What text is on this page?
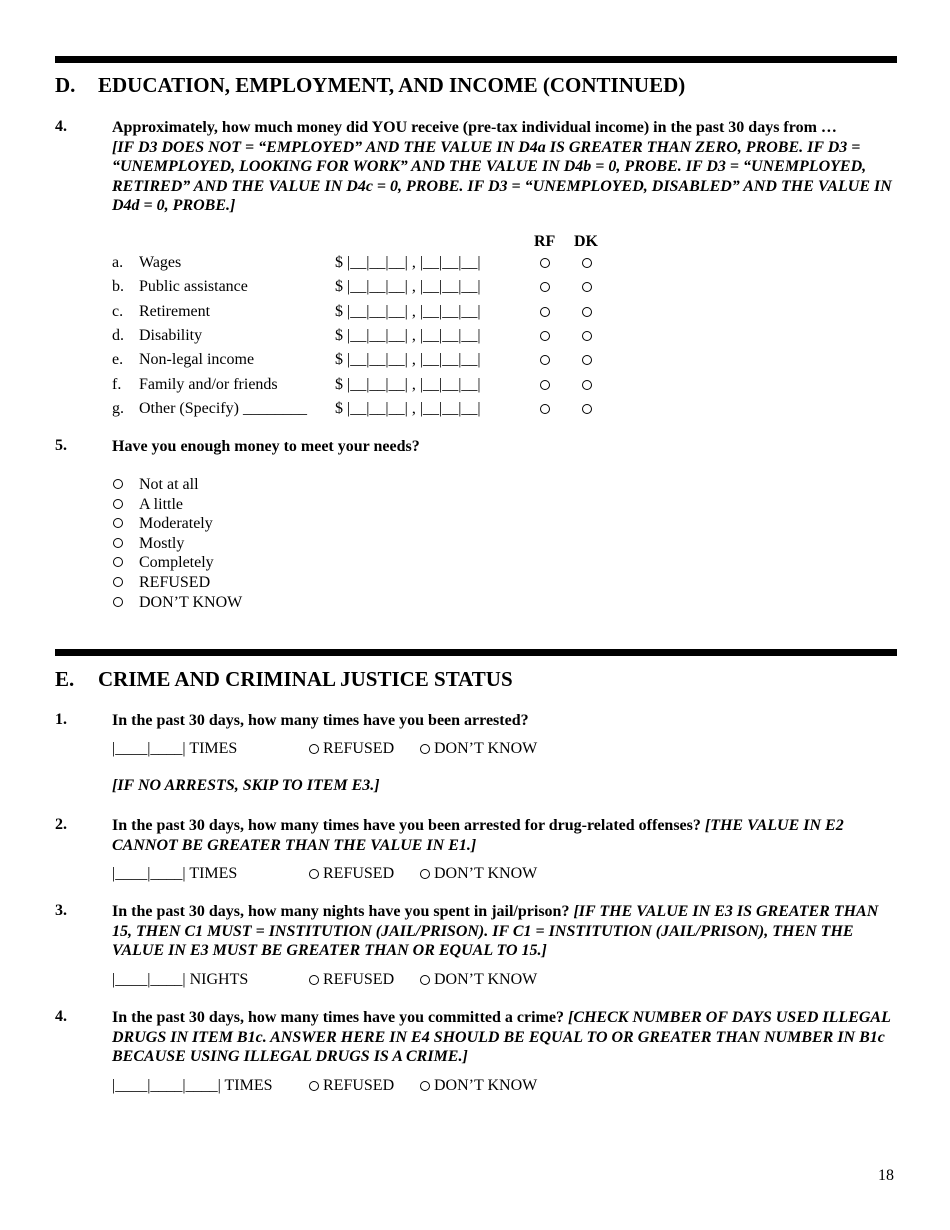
D. EDUCATION, EMPLOYMENT, AND INCOME (CONTINUED)
4.	Approximately, how much money did YOU receive (pre-tax individual income) in the past 30 days from …
[IF D3 DOES NOT = “EMPLOYED” AND THE VALUE IN D4a IS GREATER THAN ZERO, PROBE. IF D3 = “UNEMPLOYED, LOOKING FOR WORK” AND THE VALUE IN D4b = 0, PROBE. IF D3 = “UNEMPLOYED, RETIRED” AND THE VALUE IN D4c = 0, PROBE. IF D3 = “UNEMPLOYED, DISABLED” AND THE VALUE IN D4d = 0, PROBE.]
RF DK
a. Wages	$ |__|__|__| , |__|__|__|
b. Public assistance	$ |__|__|__| , |__|__|__|
c. Retirement	$ |__|__|__| , |__|__|__|
d. Disability	$ |__|__|__| , |__|__|__|
e. Non-legal income	$ |__|__|__| , |__|__|__|
f. Family and/or friends	$ |__|__|__| , |__|__|__|
g. Other (Specify) ________ $ |__|__|__| , |__|__|__|
5.	Have you enough money to meet your needs?
Not at all
A little
Moderately
Mostly
Completely
REFUSED
DON’T KNOW
E. CRIME AND CRIMINAL JUSTICE STATUS
1.	In the past 30 days, how many times have you been arrested?
|____|____| TIMES	REFUSED DON’T KNOW
[IF NO ARRESTS, SKIP TO ITEM E3.]
2.	In the past 30 days, how many times have you been arrested for drug-related offenses? [THE VALUE IN E2 CANNOT BE GREATER THAN THE VALUE IN E1.]
|____|____| TIMES	REFUSED DON’T KNOW
3.	In the past 30 days, how many nights have you spent in jail/prison? [IF THE VALUE IN E3 IS GREATER THAN 15, THEN C1 MUST = INSTITUTION (JAIL/PRISON). IF C1 = INSTITUTION (JAIL/PRISON), THEN THE VALUE IN E3 MUST BE GREATER THAN OR EQUAL TO 15.]
|____|____| NIGHTS	REFUSED DON’T KNOW
4.	In the past 30 days, how many times have you committed a crime? [CHECK NUMBER OF DAYS USED ILLEGAL DRUGS IN ITEM B1c. ANSWER HERE IN E4 SHOULD BE EQUAL TO OR GREATER THAN NUMBER IN B1c BECAUSE USING ILLEGAL DRUGS IS A CRIME.]
|____|____|____| TIMES	REFUSED DON’T KNOW
18
